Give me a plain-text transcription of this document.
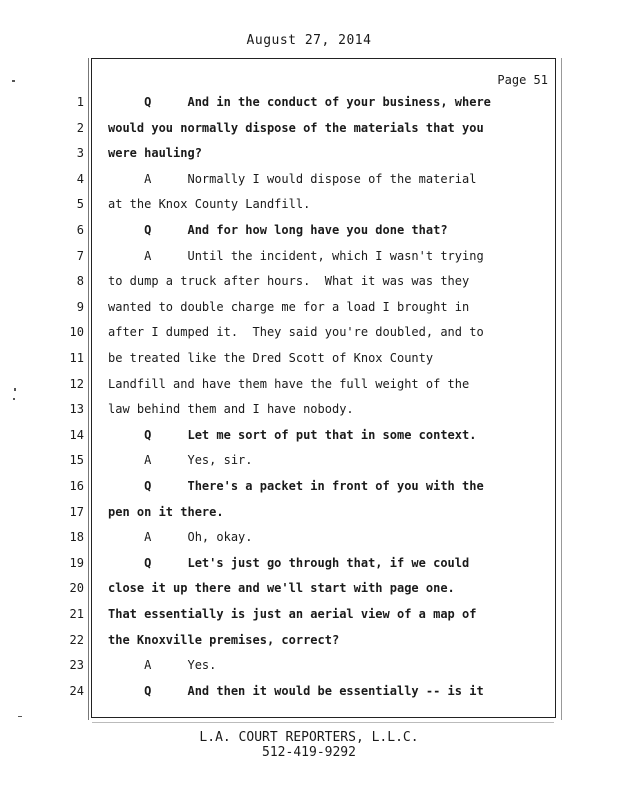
August 27, 2014
Page 51
1 Q     And in the conduct of your business, where
2 would you normally dispose of the materials that you
3 were hauling?
4 A     Normally I would dispose of the material
5 at the Knox County Landfill.
6 Q     And for how long have you done that?
7 A     Until the incident, which I wasn't trying
8 to dump a truck after hours.  What it was was they
9 wanted to double charge me for a load I brought in
10 after I dumped it.  They said you're doubled, and to
11 be treated like the Dred Scott of Knox County
12 Landfill and have them have the full weight of the
13 law behind them and I have nobody.
14 Q     Let me sort of put that in some context.
15 A     Yes, sir.
16 Q     There's a packet in front of you with the
17 pen on it there.
18 A     Oh, okay.
19 Q     Let's just go through that, if we could
20 close it up there and we'll start with page one.
21 That essentially is just an aerial view of a map of
22 the Knoxville premises, correct?
23 A     Yes.
24 Q     And then it would be essentially -- is it
L.A. COURT REPORTERS, L.L.C.
512-419-9292
